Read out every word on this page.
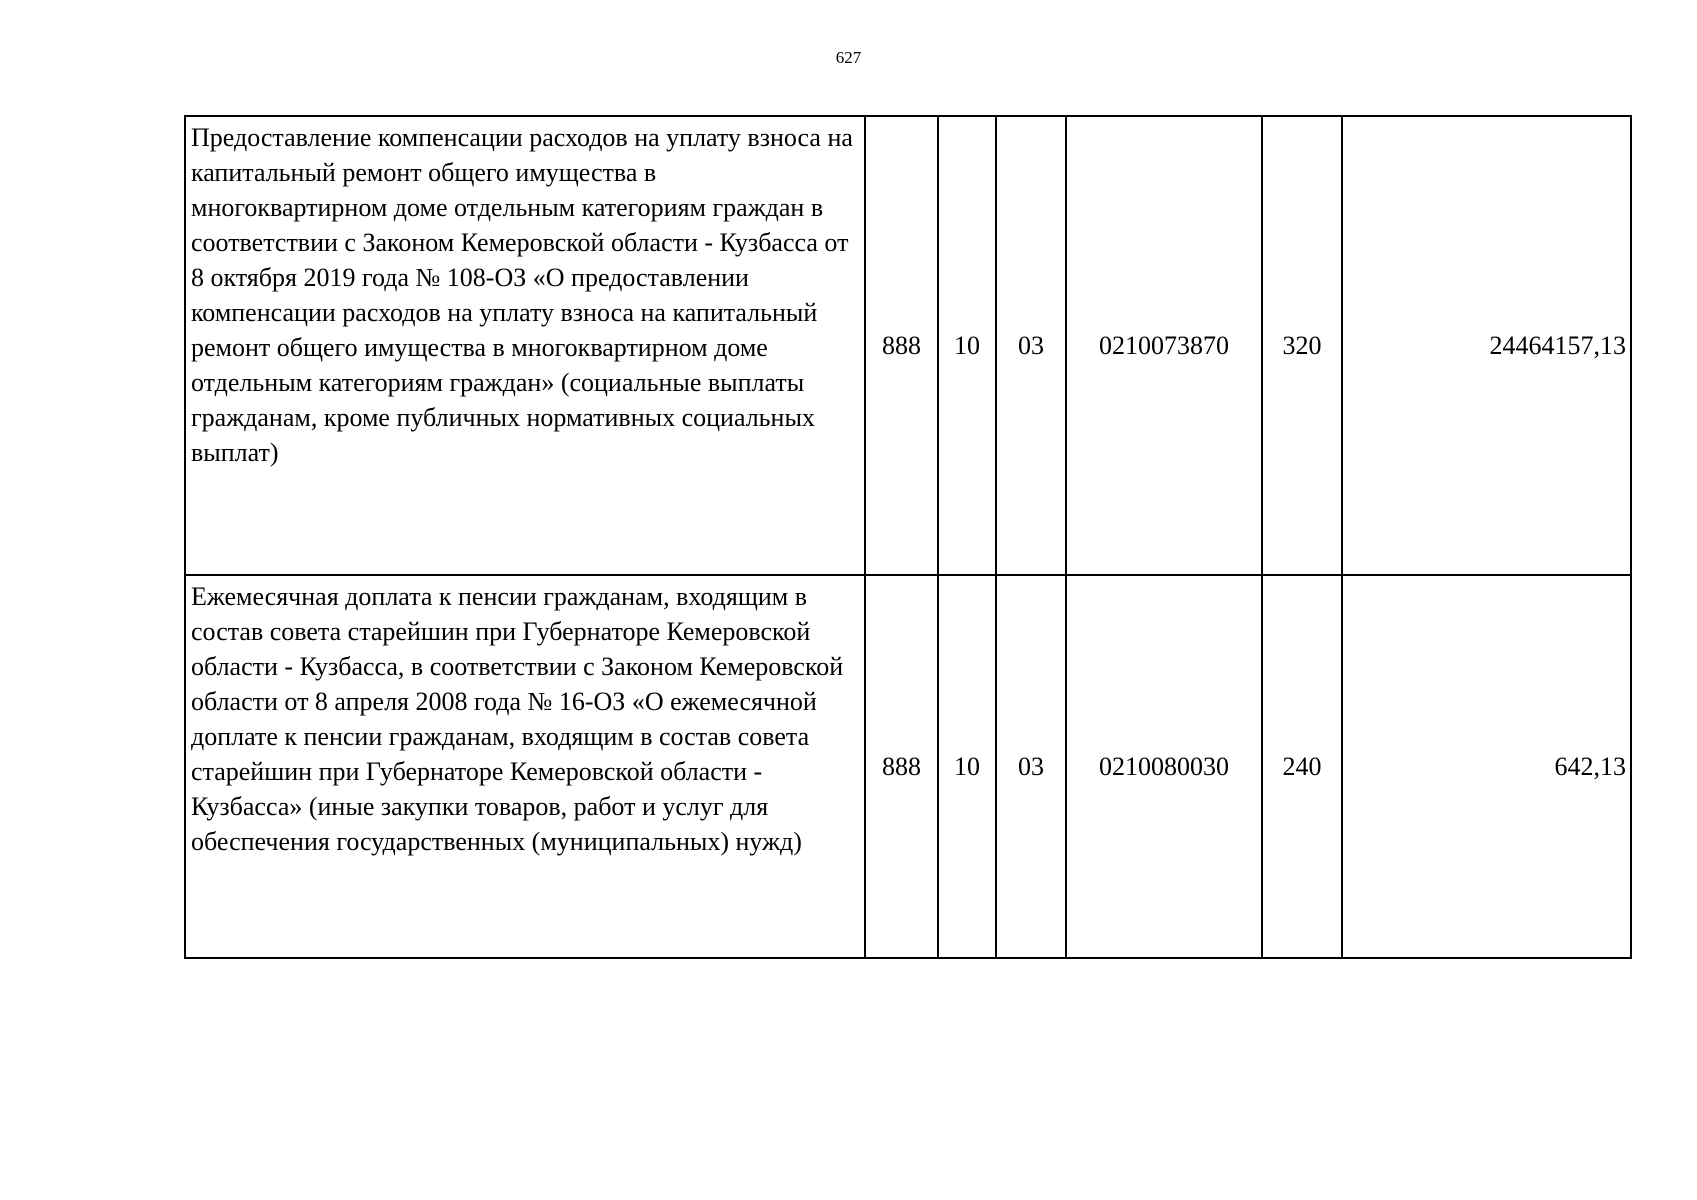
627
Предоставление компенсации расходов на уплату взноса на капитальный ремонт общего имущества в многоквартирном доме отдельным категориям граждан в соответствии с Законом Кемеровской области - Кузбасса от 8 октября 2019 года № 108-ОЗ «О предоставлении компенсации расходов на уплату взноса на капитальный ремонт общего имущества в многоквартирном доме отдельным категориям граждан» (социальные выплаты гражданам, кроме публичных нормативных социальных выплат)	888	10	03	0210073870	320	24464157,13
Ежемесячная доплата к пенсии гражданам, входящим в состав совета старейшин при Губернаторе Кемеровской области - Кузбасса, в соответствии с Законом Кемеровской области от 8 апреля 2008 года № 16-ОЗ «О ежемесячной доплате к пенсии гражданам, входящим в состав совета старейшин при Губернаторе Кемеровской области - Кузбасса» (иные закупки товаров, работ и услуг для обеспечения государственных (муниципальных) нужд)	888	10	03	0210080030	240	642,13
